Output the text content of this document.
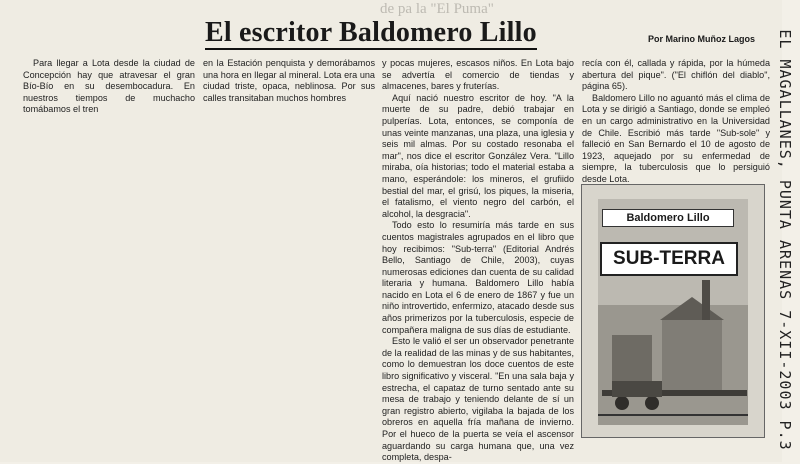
de pa la "El Puma"
El escritor Baldomero Lillo	Por Marino Muñoz Lagos

Para llegar a Lota desde la ciudad de Concepción hay que atravesar el gran Bío-Bío en su desembocadura. En nuestros tiempos de muchacho tomábamos el tren

en la Estación penquista y demorábamos una hora en llegar al mineral. Lota era una ciudad triste, opaca, neblinosa. Por sus calles transitaban muchos hombres

y pocas mujeres, escasos niños. En Lota bajo se advertía el comercio de tiendas y almacenes, bares y fruterías.

Aquí nació nuestro escritor de hoy. "A la muerte de su padre, debió trabajar en pulperías. Lota, entonces, se componía de unas veinte manzanas, una plaza, una iglesia y seis mil almas. Por su costado resonaba el mar", nos dice el escritor González Vera. "Lillo miraba, oía historias; todo el material estaba a mano, esperándole: los mineros, el grufiido bestial del mar, el grisú, los piques, la miseria, el fatalismo, el viento negro del carbón, el alcohol, la desgracia".

Todo esto lo resumiría más tarde en sus cuentos magistrales agrupados en el libro que hoy recibimos: "Sub-terra" (Editorial Andrés Bello, Santiago de Chile, 2003), cuyas numerosas ediciones dan cuenta de su calidad literaria y humana. Baldomero Lillo había nacido en Lota el 6 de enero de 1867 y fue un niño introvertido, enfermizo, atacado desde sus años primerizos por la tuberculosis, especie de compañera maligna de sus días de estudiante.

Esto le valió el ser un observador penetrante de la realidad de las minas y de sus habitantes, como lo demuestran los doce cuentos de este libro significativo y visceral. "En una sala baja y estrecha, el capataz de turno sentado ante su mesa de trabajo y teniendo delante de sí un gran registro abierto, vigilaba la bajada de los obreros en aquella fría mañana de invierno. Por el hueco de la puerta se veía el ascensor aguardando su carga humana que, una vez completa, despa-

recía con él, callada y rápida, por la húmeda abertura del pique". ("El chiflón del diablo", página 65).

Baldomero Lillo no aguantó más el clima de Lota y se dirigió a Santiago, donde se empleó en un cargo administrativo en la Universidad de Chile. Escribió más tarde "Sub-sole" y falleció en San Bernardo el 10 de agosto de 1923, aquejado por su enfermedad de siempre, la tuberculosis que lo persiguió desde Lota.

Baldomero Lillo
SUB-TERRA	EL MAGALLANES, PUNTA ARENAS 7-XII-2003 P.3
